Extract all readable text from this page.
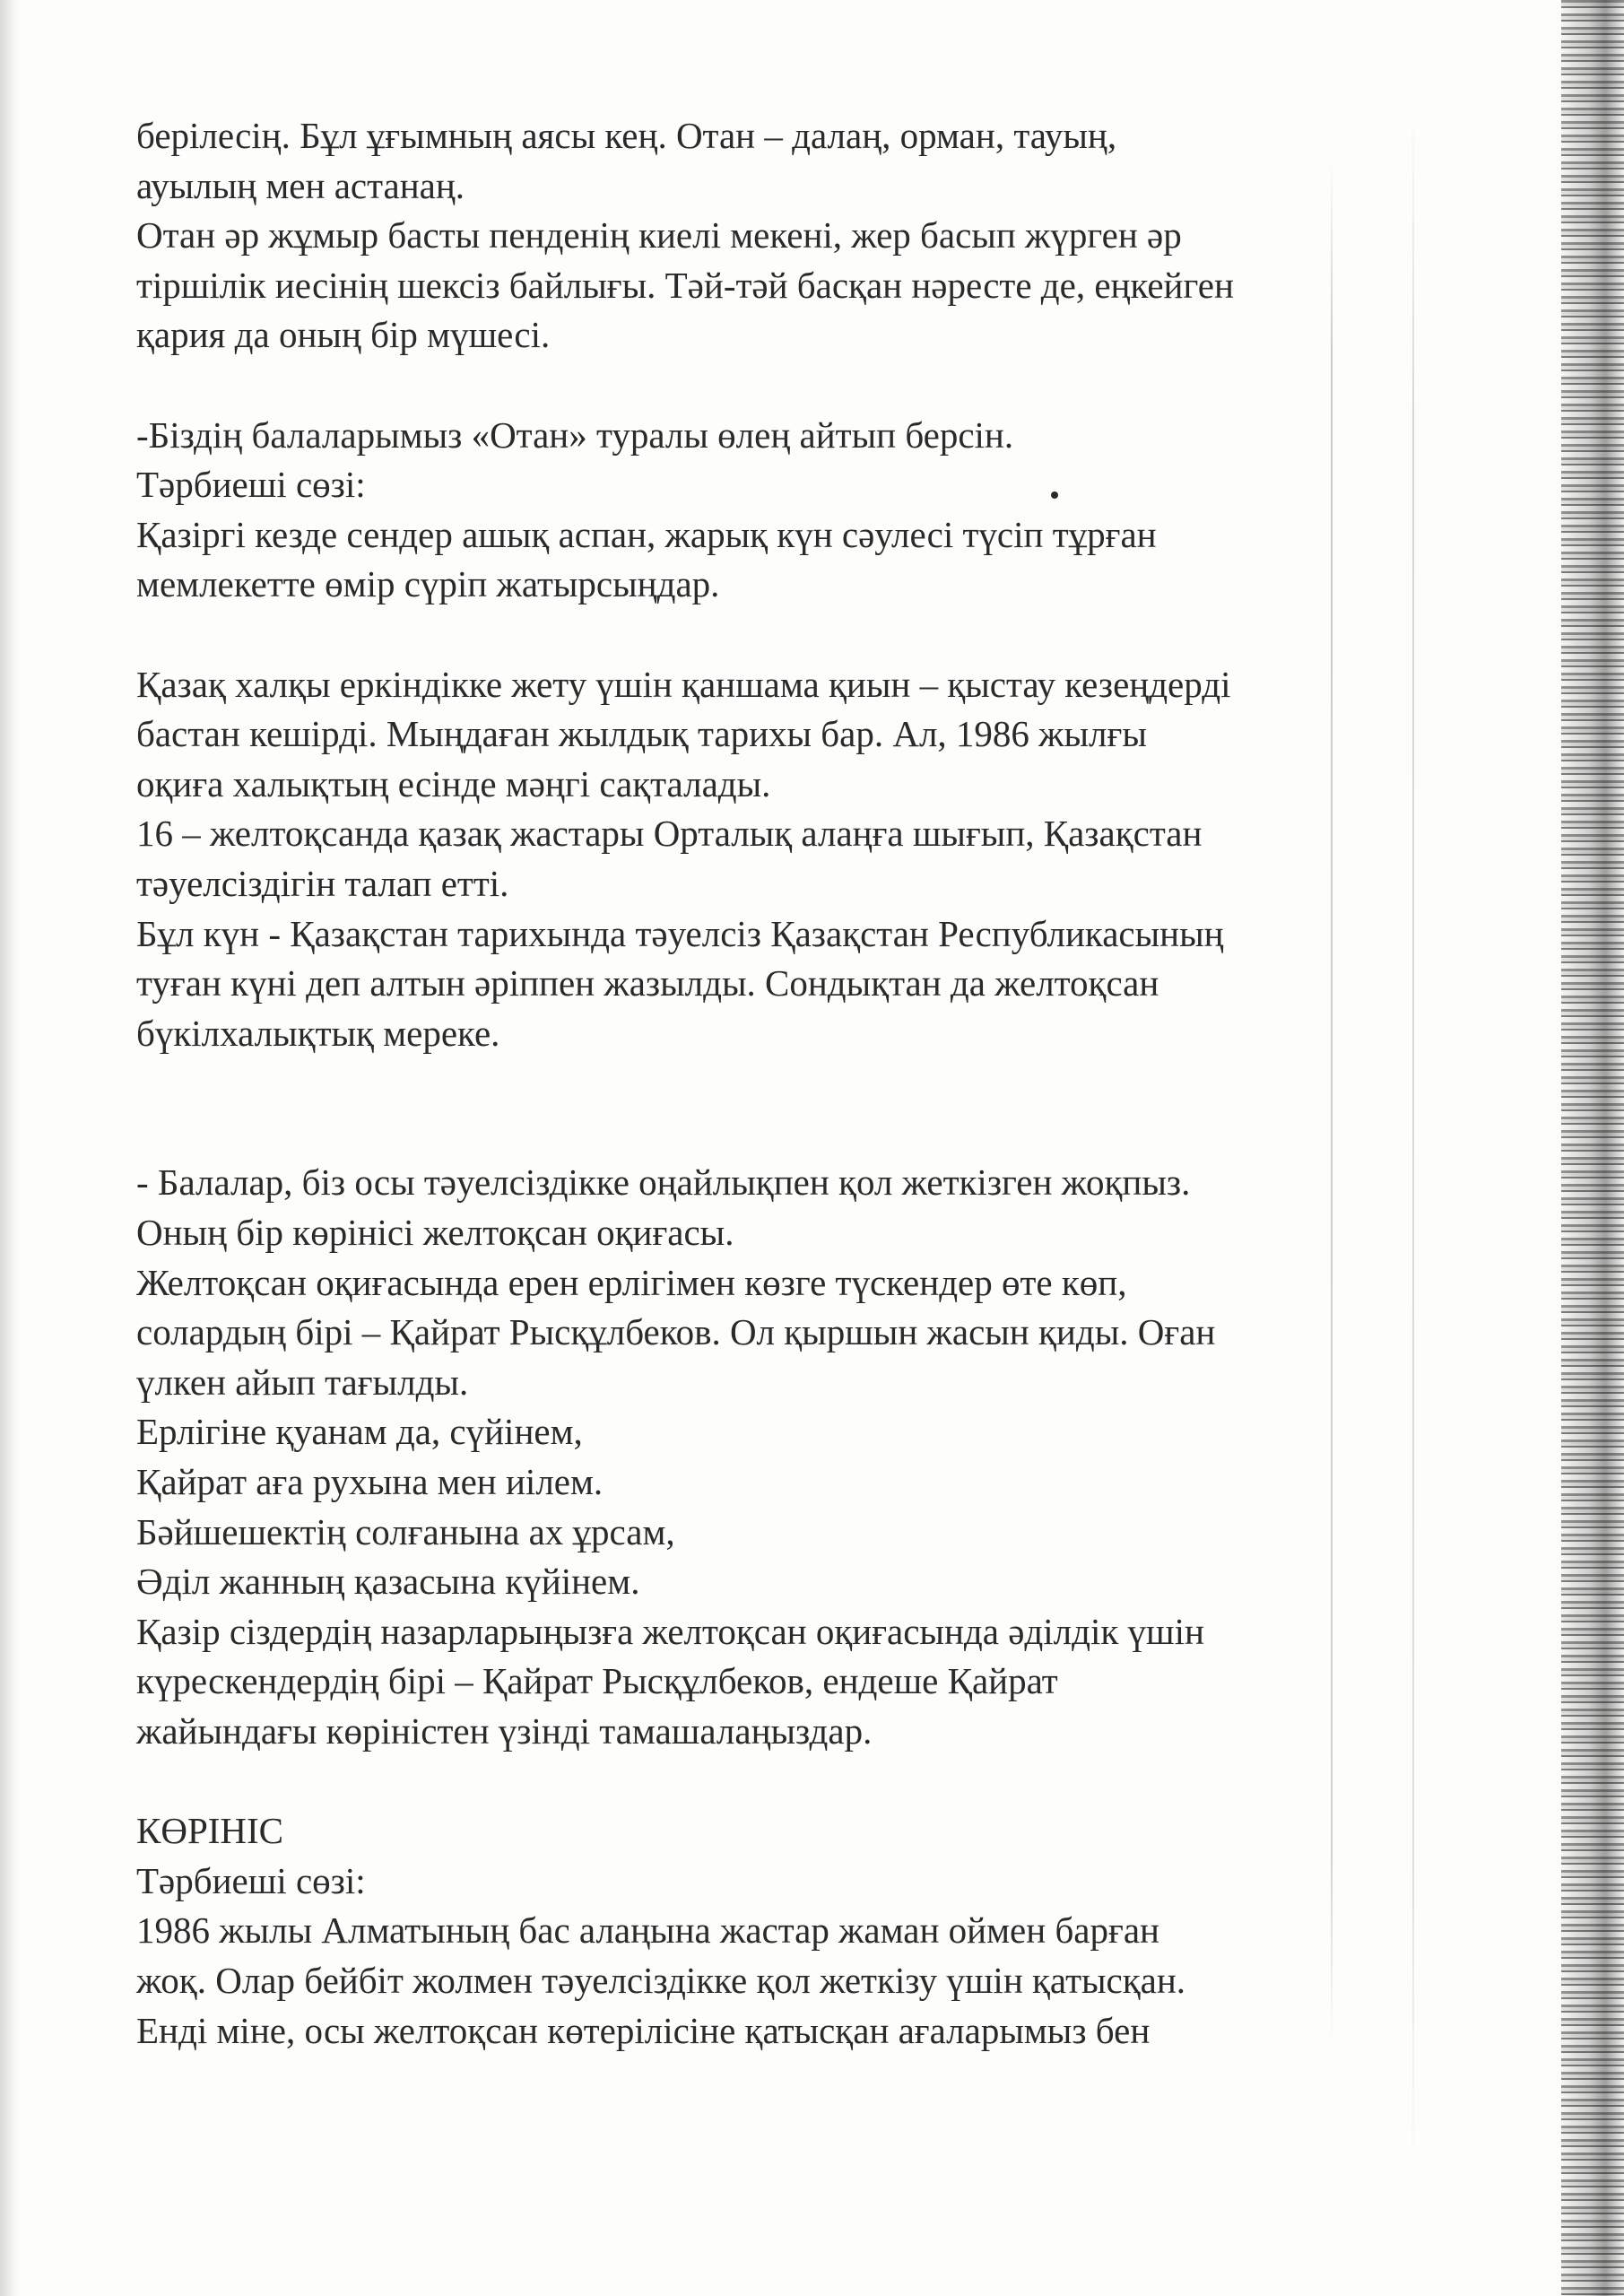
берілесің. Бұл ұғымның аясы кең. Отан – далаң, орман, тауың,
ауылың мен астанаң.
Отан әр жұмыр басты пенденің киелі мекені, жер басып жүрген әр
тіршілік иесінің шексіз байлығы. Тәй-тәй басқан нәресте де, еңкейген
қария да оның бір мүшесі.
-Біздің балаларымыз «Отан» туралы өлең айтып берсін.
Тәрбиеші сөзі:
Қазіргі кезде сендер ашық аспан, жарық күн сәулесі түсіп тұрған
мемлекетте өмір сүріп жатырсыңдар.
Қазақ халқы еркіндікке жету үшін қаншама қиын – қыстау кезеңдерді
бастан кешірді. Мыңдаған жылдық тарихы бар. Ал, 1986 жылғы
оқиға халықтың есінде мәңгі сақталады.
16 – желтоқсанда қазақ жастары Орталық алаңға шығып, Қазақстан
тәуелсіздігін талап етті.
Бұл күн - Қазақстан тарихында тәуелсіз Қазақстан Республикасының
туған күні деп алтын әріппен жазылды. Сондықтан да желтоқсан
бүкілхалықтық мереке.
- Балалар, біз осы тәуелсіздікке оңайлықпен қол жеткізген жоқпыз.
Оның бір көрінісі желтоқсан оқиғасы.
Желтоқсан оқиғасында ерен ерлігімен көзге түскендер өте көп,
солардың бірі – Қайрат Рысқұлбеков. Ол қыршын жасын қиды. Оған
үлкен айып тағылды.
Ерлігіне қуанам да, сүйінем,
Қайрат аға рухына мен иілем.
Бәйшешектің солғанына ах ұрсам,
Әділ жанның қазасына күйінем.
Қазір сіздердің назарларыңызға желтоқсан оқиғасында әділдік үшін
күрескендердің бірі – Қайрат Рысқұлбеков, ендеше Қайрат
жайындағы көріністен үзінді тамашалаңыздар.
КӨРІНІС
Тәрбиеші сөзі:
1986 жылы Алматының бас алаңына жастар жаман оймен барған
жоқ. Олар бейбіт жолмен тәуелсіздікке қол жеткізу үшін қатысқан.
Енді міне, осы желтоқсан көтерілісіне қатысқан ағаларымыз бен
